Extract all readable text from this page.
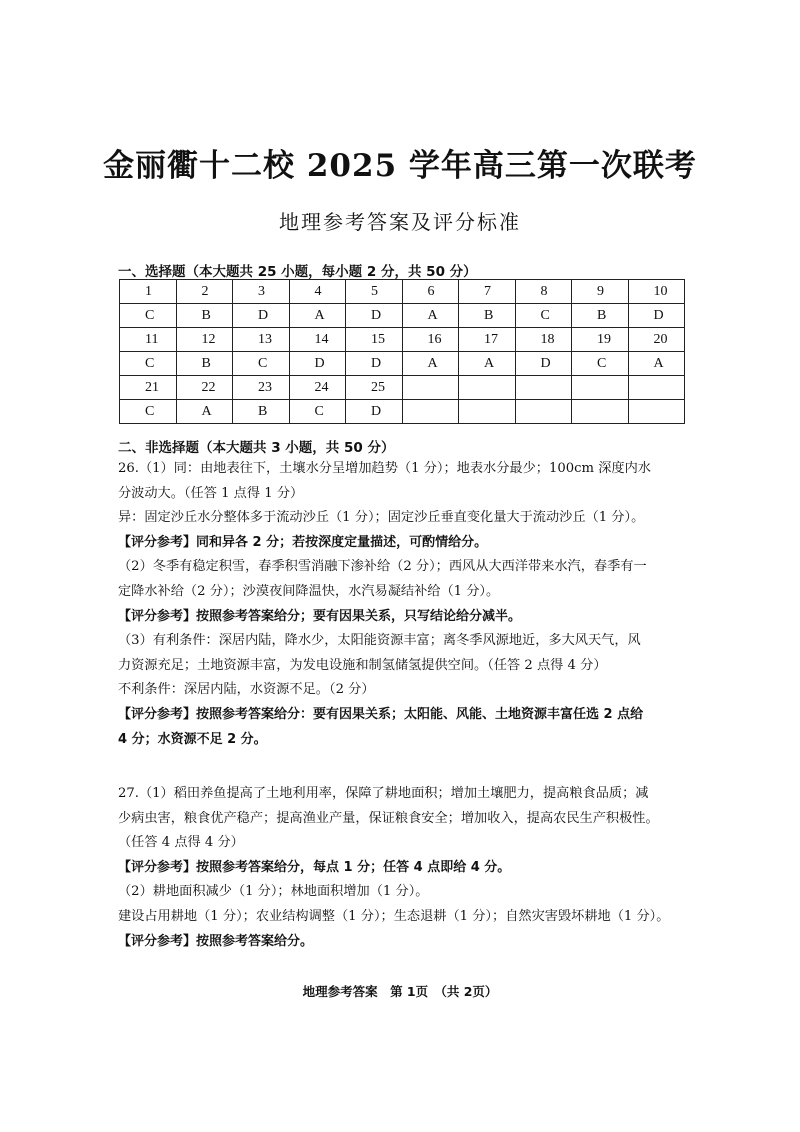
金丽衢十二校 2025 学年高三第一次联考
地理参考答案及评分标准
一、选择题（本大题共 25 小题，每小题 2 分，共 50 分）
1	2	3	4	5	6	7	8	9	10
C	B	D	A	D	A	B	C	B	D
11	12	13	14	15	16	17	18	19	20
C	B	C	D	D	A	A	D	C	A
21	22	23	24	25					
C	A	B	C	D					
二、非选择题（本大题共 3 小题，共 50 分）
26.（1）同：由地表往下，土壤水分呈增加趋势（1 分）；地表水分最少；100cm 深度内水
分波动大。（任答 1 点得 1 分）
异：固定沙丘水分整体多于流动沙丘（1 分）；固定沙丘垂直变化量大于流动沙丘（1 分）。
【评分参考】同和异各 2 分；若按深度定量描述，可酌情给分。
（2）冬季有稳定积雪，春季积雪消融下渗补给（2 分）；西风从大西洋带来水汽，春季有一
定降水补给（2 分）；沙漠夜间降温快，水汽易凝结补给（1 分）。
【评分参考】按照参考答案给分；要有因果关系，只写结论给分减半。
（3）有利条件：深居内陆，降水少，太阳能资源丰富；离冬季风源地近，多大风天气，风
力资源充足；土地资源丰富，为发电设施和制氢储氢提供空间。（任答 2 点得 4 分）
不利条件：深居内陆，水资源不足。（2 分）
【评分参考】按照参考答案给分：要有因果关系；太阳能、风能、土地资源丰富任选 2 点给
4 分；水资源不足 2 分。
27.（1）稻田养鱼提高了土地利用率，保障了耕地面积；增加土壤肥力，提高粮食品质；减
少病虫害，粮食优产稳产；提高渔业产量，保证粮食安全；增加收入，提高农民生产积极性。
（任答 4 点得 4 分）
【评分参考】按照参考答案给分，每点 1 分；任答 4 点即给 4 分。
（2）耕地面积减少（1 分）；林地面积增加（1 分）。
建设占用耕地（1 分）；农业结构调整（1 分）；生态退耕（1 分）；自然灾害毁坏耕地（1 分）。
【评分参考】按照参考答案给分。
地理参考答案　第 1页　（共 2页）
